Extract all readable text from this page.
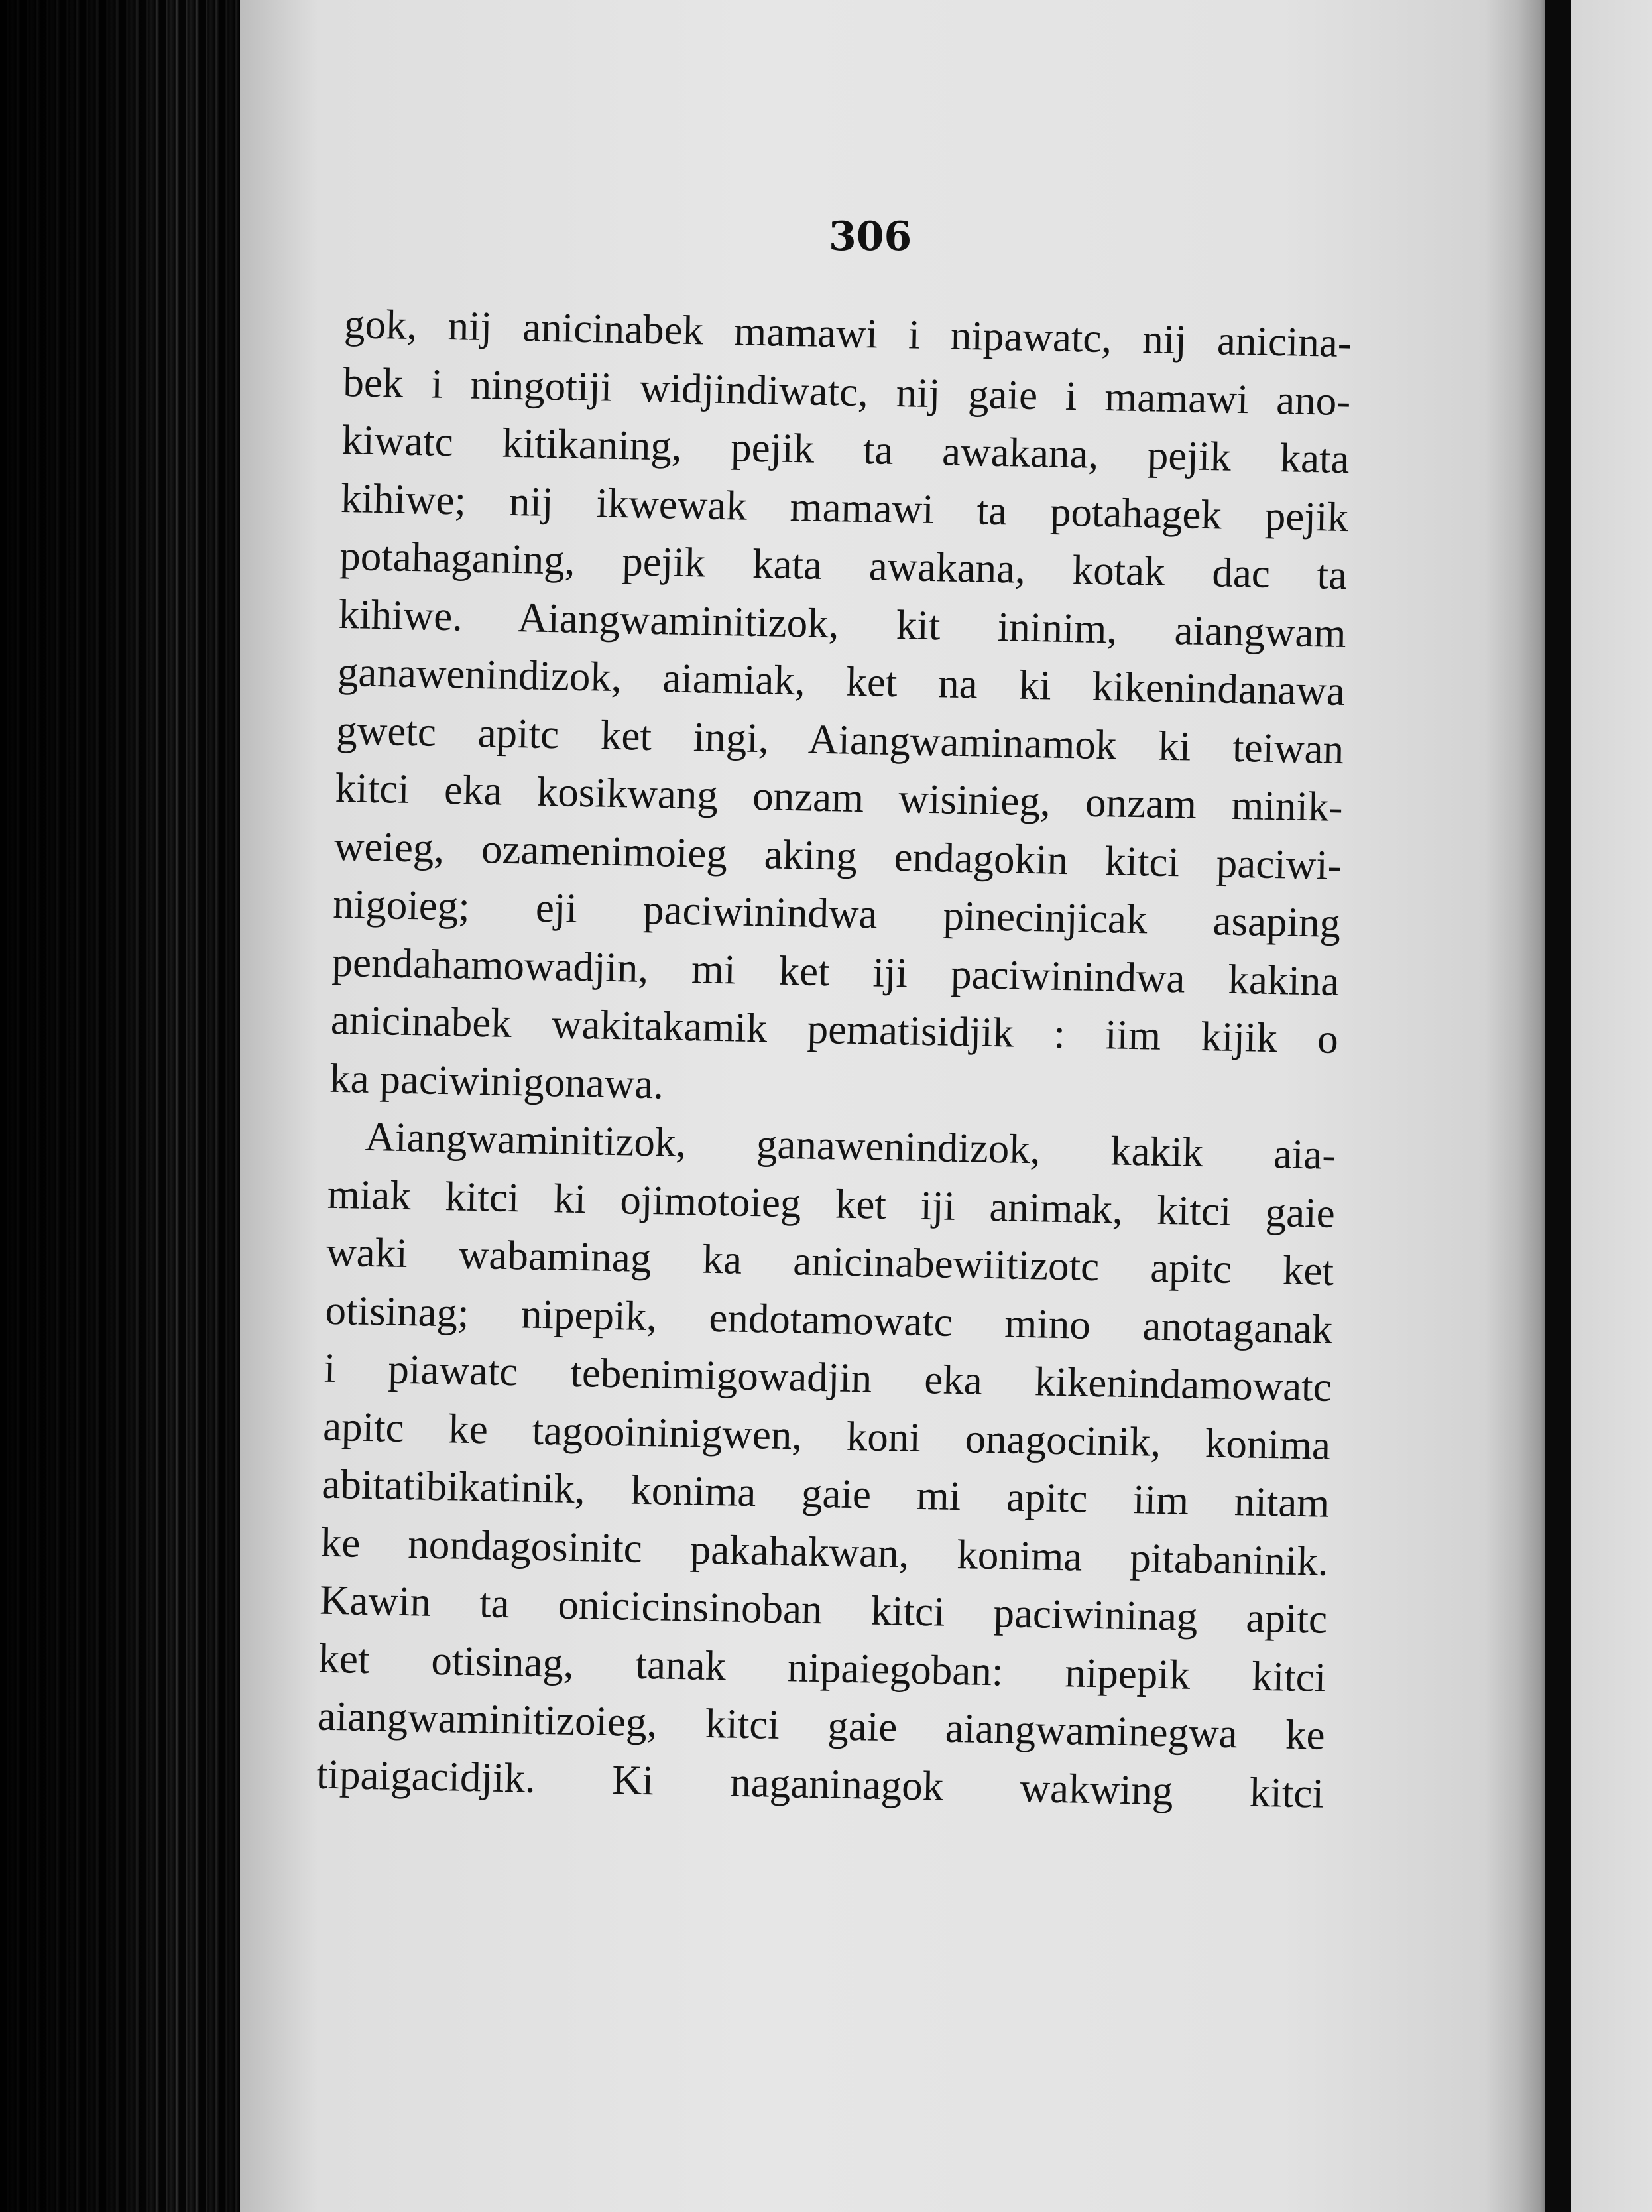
306
gok, nij anicinabek mamawi i nipawatc, nij anicina-
bek i ningotiji widjindiwatc, nij gaie i mamawi ano-
kiwatc kitikaning, pejik ta awakana, pejik kata
kihiwe; nij ikwewak mamawi ta potahagek pejik
potahaganing, pejik kata awakana, kotak dac ta
kihiwe. Aiangwaminitizok, kit ininim, aiangwam
ganawenindizok, aiamiak, ket na ki kikenindanawa
gwetc apitc ket ingi, Aiangwaminamok ki teiwan
kitci eka kosikwang onzam wisinieg, onzam minik-
weieg, ozamenimoieg aking endagokin kitci paciwi-
nigoieg; eji paciwinindwa pinecinjicak asaping
pendahamowadjin, mi ket iji paciwinindwa kakina
anicinabek wakitakamik pematisidjik : iim kijik o
ka paciwinigonawa.
Aiangwaminitizok, ganawenindizok, kakik aia-
miak kitci ki ojimotoieg ket iji animak, kitci gaie
waki wabaminag ka anicinabewiitizotc apitc ket
otisinag; nipepik, endotamowatc mino anotaganak
i piawatc tebenimigowadjin eka kikenindamowatc
apitc ke tagooininigwen, koni onagocinik, konima
abitatibikatinik, konima gaie mi apitc iim nitam
ke nondagosinitc pakahakwan, konima pitabaninik.
Kawin ta onicicinsinoban kitci paciwininag apitc
ket otisinag, tanak nipaiegoban: nipepik kitci
aiangwaminitizoieg, kitci gaie aiangwaminegwa ke
tipaigacidjik. Ki naganinagok wakwing kitci
